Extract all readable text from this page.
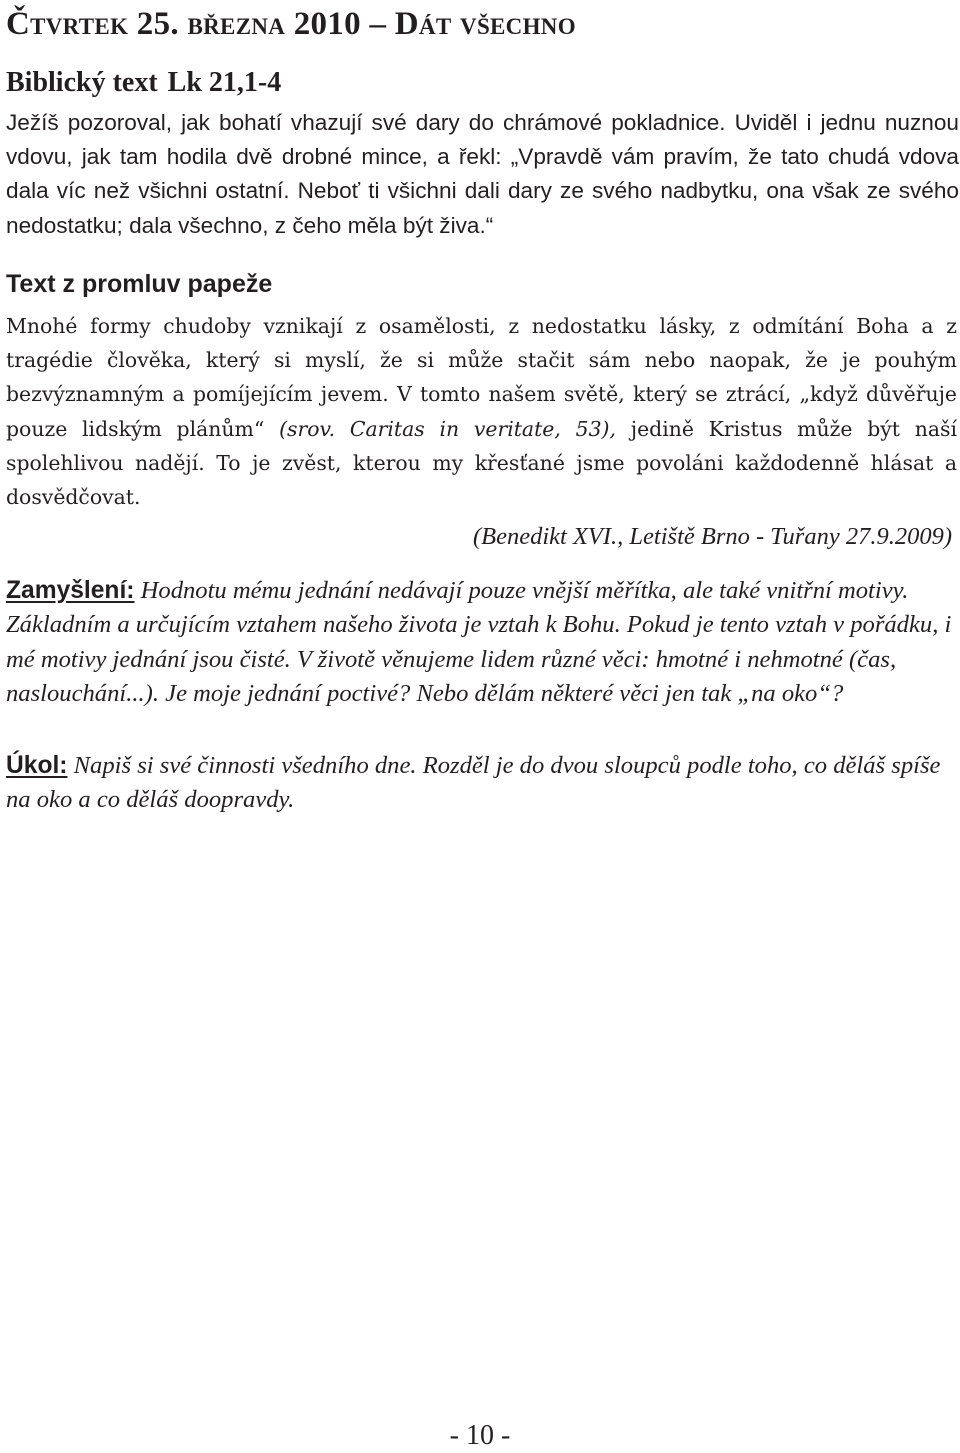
Čtvrtek 25. března 2010 – Dát všechno
Biblický text Lk 21,1-4

Ježíš pozoroval, jak bohatí vhazují své dary do chrámové pokladnice. Uviděl i jednu nuznou vdovu, jak tam hodila dvě drobné mince, a řekl: „Vpravdě vám pravím, že tato chudá vdova dala víc než všichni ostatní. Neboť ti všichni dali dary ze svého nadbytku, ona však ze svého nedostatku; dala všechno, z čeho měla být živa.“

Text z promluv papeže

Mnohé formy chudoby vznikají z osamělosti, z nedostatku lásky, z odmítání Boha a z tragédie člověka, který si myslí, že si může stačit sám nebo naopak, že je pouhým bezvýznamným a pomíjejícím jevem. V tomto našem světě, který se ztrácí, „když důvěřuje pouze lidským plánům“ (srov. Caritas in veritate, 53), jedině Kristus může být naší spolehlivou nadějí. To je zvěst, kterou my křesťané jsme povoláni každodenně hlásat a dosvědčovat.

(Benedikt XVI., Letiště Brno - Tuřany 27.9.2009)

Zamyšlení: Hodnotu mému jednání nedávají pouze vnější měřítka, ale také vnitřní motivy. Základním a určujícím vztahem našeho života je vztah k Bohu. Pokud je tento vztah v pořádku, i mé motivy jednání jsou čisté. V životě věnujeme lidem různé věci: hmotné i nehmotné (čas, naslouchání...). Je moje jednání poctivé? Nebo dělám některé věci jen tak „na oko“?

Úkol: Napiš si své činnosti všedního dne. Rozděl je do dvou sloupců podle toho, co děláš spíše na oko a co děláš doopravdy.

- 10 -
